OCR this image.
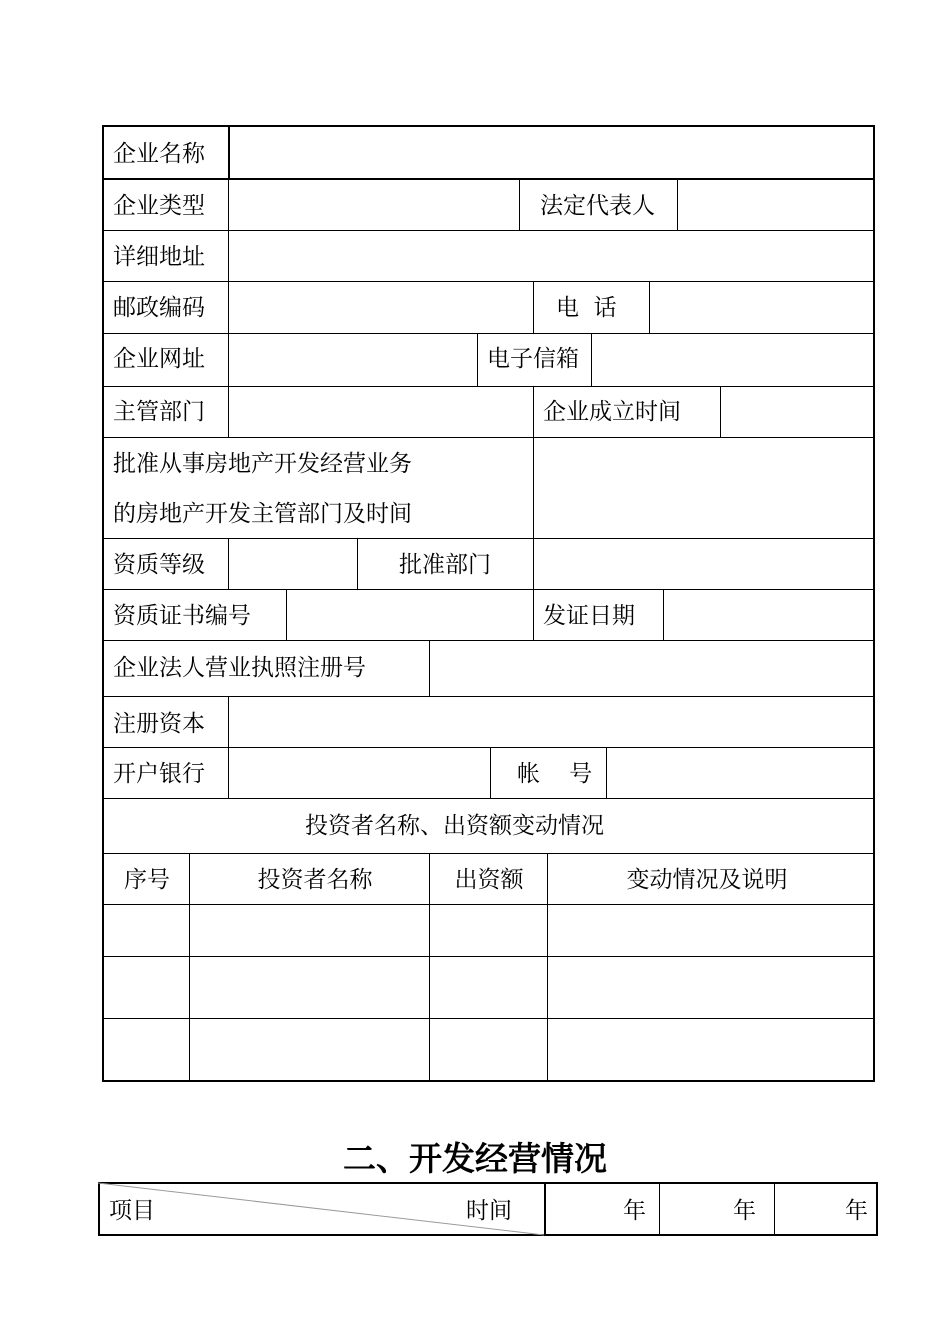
企业名称
企业类型	法定代表人
详细地址
邮政编码	电  话
企业网址	电子信箱
主管部门	企业成立时间
批准从事房地产开发经营业务
的房地产开发主管部门及时间
资质等级	批准部门
资质证书编号	发证日期
企业法人营业执照注册号
注册资本
开户银行	帐    号
投资者名称、出资额变动情况
序号	投资者名称	出资额	变动情况及说明
二、开发经营情况
项目	时间	年	年	年
